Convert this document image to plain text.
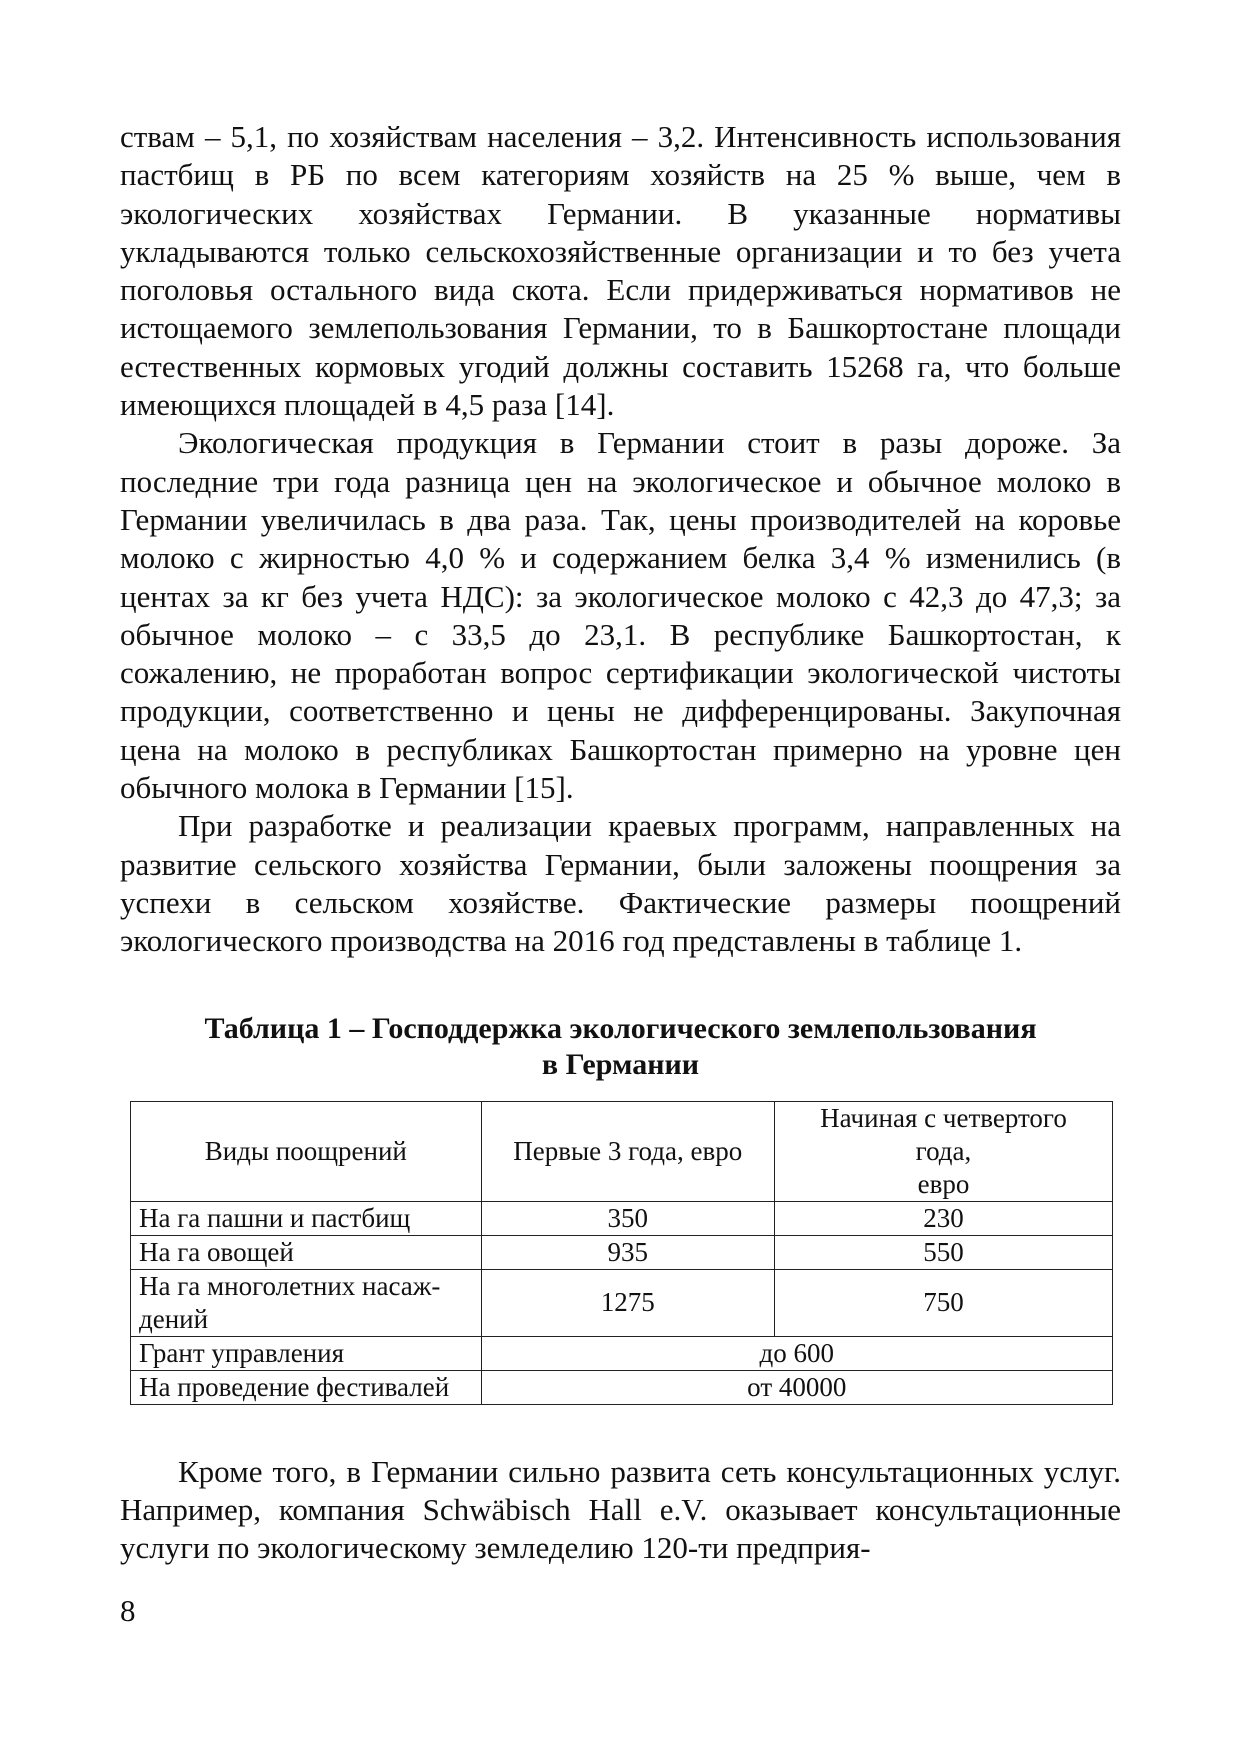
ствам – 5,1, по хозяйствам населения – 3,2. Интенсивность использования пастбищ в РБ по всем категориям хозяйств на 25 % выше, чем в экологических хозяйствах Германии. В указанные нормативы укладываются только сельскохозяйственные организации и то без учета поголовья остального вида скота. Если придерживаться нормативов не истощаемого землепользования Германии, то в Башкортостане площади естественных кормовых угодий должны составить 15268 га, что больше имеющихся площадей в 4,5 раза [14].

Экологическая продукция в Германии стоит в разы дороже. За последние три года разница цен на экологическое и обычное молоко в Германии увеличилась в два раза. Так, цены производителей на коровье молоко с жирностью 4,0 % и содержанием белка 3,4 % изменились (в центах за кг без учета НДС): за экологическое молоко с 42,3 до 47,3; за обычное молоко – с 33,5 до 23,1. В республике Башкортостан, к сожалению, не проработан вопрос сертификации экологической чистоты продукции, соответственно и цены не дифференцированы. Закупочная цена на молоко в республиках Башкортостан примерно на уровне цен обычного молока в Германии [15].

При разработке и реализации краевых программ, направленных на развитие сельского хозяйства Германии, были заложены поощрения за успехи в сельском хозяйстве. Фактические размеры поощрений экологического производства на 2016 год представлены в таблице 1.

Таблица 1 – Господдержка экологического землепользования
в Германии
Виды поощрений	Первые 3 года, евро	Начиная с четвертого
года,
евро

На га пашни и пастбищ	350	230
На га овощей	935	550

На га многолетних насаж-
дений	1275	750
Грант управления	до 600	
На проведение фестивалей	от 40000	

Кроме того, в Германии сильно развита сеть консультационных услуг. Например, компания Schwäbisch Hall e.V. оказывает консультационные услуги по экологическому земледелию 120-ти предприя-

8
